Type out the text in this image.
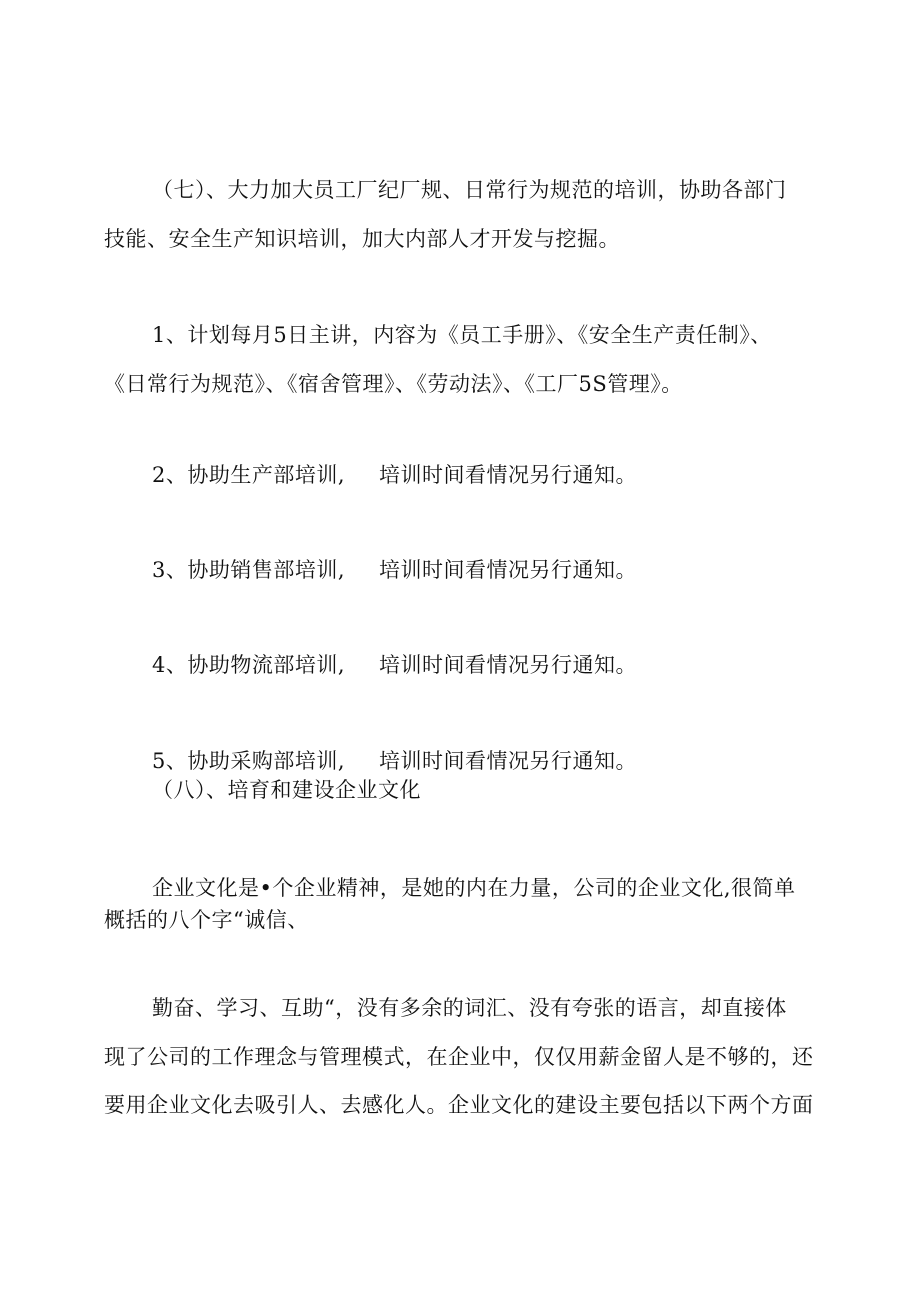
（七）、大力加大员工厂纪厂规、日常行为规范的培训，协助各部门
技能、安全生产知识培训，加大内部人才开发与挖掘。
1、计划每月5日主讲，内容为《员工手册》、《安全生产责任制》、
《日常行为规范》、《宿舍管理》、《劳动法》、《工厂5S管理》。
2、协助生产部培训, 培训时间看情况另行通知。
3、协助销售部培训, 培训时间看情况另行通知。
4、协助物流部培训, 培训时间看情况另行通知。
5、协助采购部培训, 培训时间看情况另行通知。
（八）、培育和建设企业文化
企业文化是•个企业精神，是她的内在力量，公司的企业文化,很简单
概括的八个字“诚信、
勤奋、学习、互助“，没有多余的词汇、没有夸张的语言，却直接体
现了公司的工作理念与管理模式，在企业中，仅仅用薪金留人是不够的，还
要用企业文化去吸引人、去感化人。企业文化的建设主要包括以下两个方面
